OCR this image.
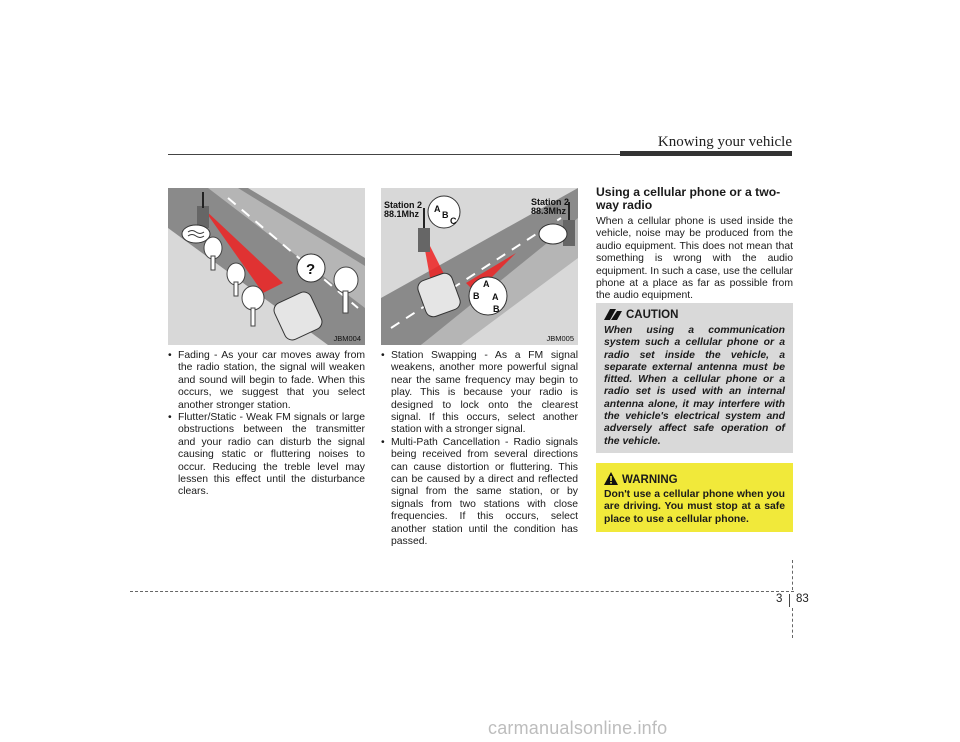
Knowing your vehicle
?
JBM004
A
B
C
A
B A
B
Station 2
88.1Mhz
Station 2
88.3Mhz
JBM005
• Fading - As your car moves away from the radio station, the signal will weaken and sound will begin to fade. When this occurs, we suggest that you select another stronger station.
• Flutter/Static - Weak FM signals or large obstructions between the transmitter and your radio can disturb the signal causing static or fluttering noises to occur. Reducing the treble level may lessen this effect until the disturbance clears.
• Station Swapping - As a FM signal weakens, another more powerful signal near the same frequency may begin to play. This is because your radio is designed to lock onto the clearest signal. If this occurs, select another station with a stronger signal.
• Multi-Path Cancellation - Radio signals being received from several directions can cause distortion or fluttering. This can be caused by a direct and reflected signal from the same station, or by signals from two stations with close frequencies. If this occurs, select another station until the condition has passed.
Using a cellular phone or a two-way radio
When a cellular phone is used inside the vehicle, noise may be produced from the audio equipment. This does not mean that something is wrong with the audio equipment. In such a case, use the cellular phone at a place as far as possible from the audio equipment.
CAUTION
When using a communication system such a cellular phone or a radio set inside the vehicle, a separate external antenna must be fitted. When a cellular phone or a radio set is used with an internal antenna alone, it may interfere with the vehicle's electrical system and adversely affect safe operation of the vehicle.
WARNING
Don't use a cellular phone when you are driving. You must stop at a safe place to use a cellular phone.
3 83
carmanualsonline.info
